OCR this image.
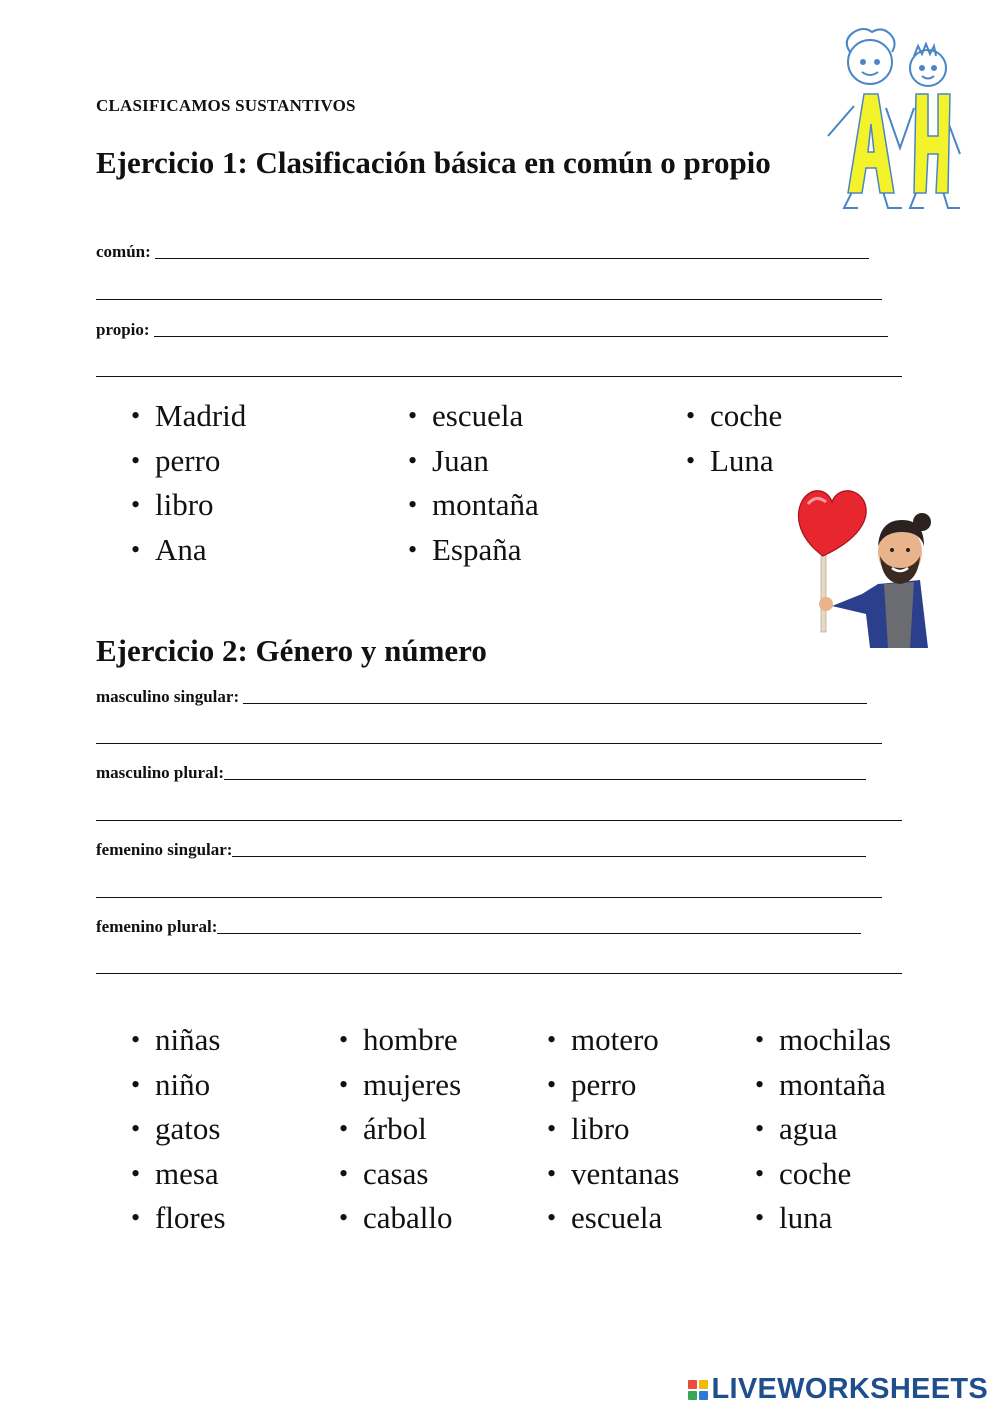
CLASIFICAMOS SUSTANTIVOS
Ejercicio 1: Clasificación básica en común o propio
común:
propio:
• Madrid
• perro
• libro
• Ana
• escuela
• Juan
• montaña
• España
• coche
• Luna
Ejercicio 2: Género y número
masculino singular:
masculino plural:
femenino singular:
femenino plural:
• niñas
• niño
• gatos
• mesa
• flores
• hombre
• mujeres
• árbol
• casas
• caballo
• motero
• perro
• libro
• ventanas
• escuela
• mochilas
• montaña
• agua
• coche
• luna
LIVEWORKSHEETS
